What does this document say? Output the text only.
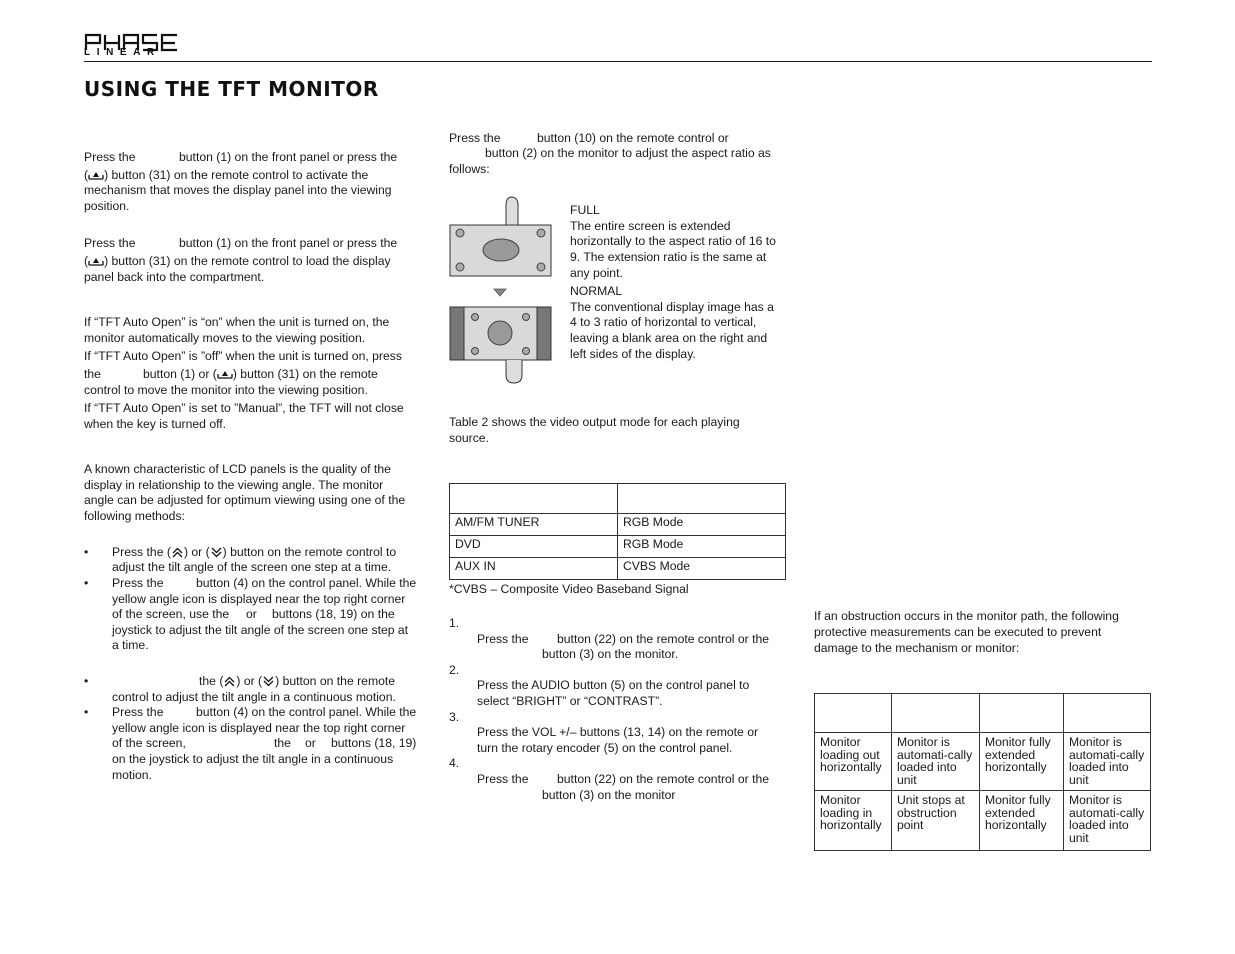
LINEAR
USING THE TFT MONITOR

Press the	button (1) on the front panel or press the

( ) button (31) on the remote control to activate the

mechanism that moves the display panel into the viewing

position.

Press the	button (1) on the front panel or press the

( ) button (31) on the remote control to load the display

panel back into the compartment.

If “TFT Auto Open” is “on” when the unit is turned on, the

monitor automatically moves to the viewing position.

If “TFT Auto Open” is ”off” when the unit is turned on, press

the	button (1) or ( ) button (31) on the remote

control to move the monitor into the viewing position.

If “TFT Auto Open” is set to ”Manual”, the TFT will not close

when the key is turned off.

A known characteristic of LCD panels is the quality of the

display in relationship to the viewing angle. The monitor

angle can be adjusted for optimum viewing using one of the

following methods:

• Press the ( ) or ( ) button on the remote control to

adjust the tilt angle of the screen one step at a time.

• Press the	button (4) on the control panel. While the

yellow angle icon is displayed near the top right corner

of the screen, use the or buttons (18, 19) on the

joystick to adjust the tilt angle of the screen one step at

a time.

•	the ( ) or ( ) button on the remote

control to adjust the tilt angle in a continuous motion.

• Press the	button (4) on the control panel. While the

yellow angle icon is displayed near the top right corner

of the screen,	the or buttons (18, 19)

on the joystick to adjust the tilt angle in a continuous

motion.

Press the	button (10) on the remote control or

button (2) on the monitor to adjust the aspect ratio as

follows:

FULL

The entire screen is extended

horizontally to the aspect ratio of 16 to

9. The extension ratio is the same at

any point.

NORMAL

The conventional display image has a

4 to 3 ratio of horizontal to vertical,

leaving a blank area on the right and

left sides of the display.

Table 2 shows the video output mode for each playing

source.

AM/FM TUNER	RGB Mode
DVD	RGB Mode
AUX IN	CVBS Mode

*CVBS – Composite Video Baseband Signal

1.

Press the button (22) on the remote control or the

button (3) on the monitor.

2.

Press the AUDIO button (5) on the control panel to

select “BRIGHT” or “CONTRAST”.

3.

Press the VOL +/– buttons (13, 14) on the remote or

turn the rotary encoder (5) on the control panel.

4.

Press the button (22) on the remote control or the

button (3) on the monitor

If an obstruction occurs in the monitor path, the following

protective measurements can be executed to prevent

damage to the mechanism or monitor:

Monitor loading out horizontally	Monitor is automati-cally loaded into unit	Monitor fully extended horizontally	Monitor is automati-cally loaded into unit
Monitor loading in horizontally	Unit stops at obstruction point	Monitor fully extended horizontally	Monitor is automati-cally loaded into unit
